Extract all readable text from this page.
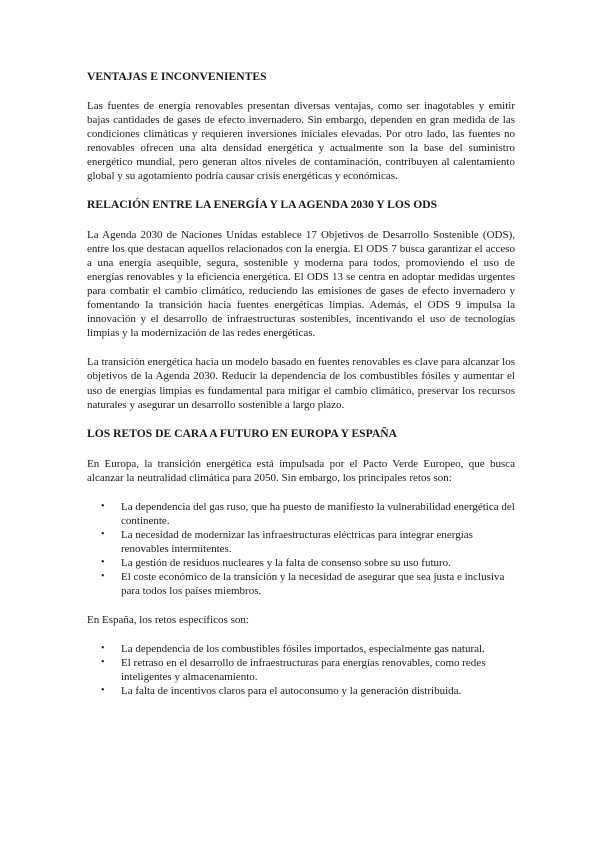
VENTAJAS E INCONVENIENTES

Las fuentes de energía renovables presentan diversas ventajas, como ser inagotables y emitir bajas cantidades de gases de efecto invernadero. Sin embargo, dependen en gran medida de las condiciones climáticas y requieren inversiones iniciales elevadas. Por otro lado, las fuentes no renovables ofrecen una alta densidad energética y actualmente son la base del suministro energético mundial, pero generan altos niveles de contaminación, contribuyen al calentamiento global y su agotamiento podría causar crisis energéticas y económicas.

RELACIÓN ENTRE LA ENERGÍA Y LA AGENDA 2030 Y LOS ODS

La Agenda 2030 de Naciones Unidas establece 17 Objetivos de Desarrollo Sostenible (ODS), entre los que destacan aquellos relacionados con la energía. El ODS 7 busca garantizar el acceso a una energía asequible, segura, sostenible y moderna para todos, promoviendo el uso de energías renovables y la eficiencia energética. El ODS 13 se centra en adoptar medidas urgentes para combatir el cambio climático, reduciendo las emisiones de gases de efecto invernadero y fomentando la transición hacia fuentes energéticas limpias. Además, el ODS 9 impulsa la innovación y el desarrollo de infraestructuras sostenibles, incentivando el uso de tecnologías limpias y la modernización de las redes energéticas.

La transición energética hacia un modelo basado en fuentes renovables es clave para alcanzar los objetivos de la Agenda 2030. Reducir la dependencia de los combustibles fósiles y aumentar el uso de energías limpias es fundamental para mitigar el cambio climático, preservar los recursos naturales y asegurar un desarrollo sostenible a largo plazo.

LOS RETOS DE CARA A FUTURO EN EUROPA Y ESPAÑA

En Europa, la transición energética está impulsada por el Pacto Verde Europeo, que busca alcanzar la neutralidad climática para 2050. Sin embargo, los principales retos son:

• La dependencia del gas ruso, que ha puesto de manifiesto la vulnerabilidad energética del continente.
• La necesidad de modernizar las infraestructuras eléctricas para integrar energías renovables intermitentes.
• La gestión de residuos nucleares y la falta de consenso sobre su uso futuro.
• El coste económico de la transición y la necesidad de asegurar que sea justa e inclusiva para todos los países miembros.

En España, los retos específicos son:

• La dependencia de los combustibles fósiles importados, especialmente gas natural.
• El retraso en el desarrollo de infraestructuras para energías renovables, como redes inteligentes y almacenamiento.
• La falta de incentivos claros para el autoconsumo y la generación distribuida.
